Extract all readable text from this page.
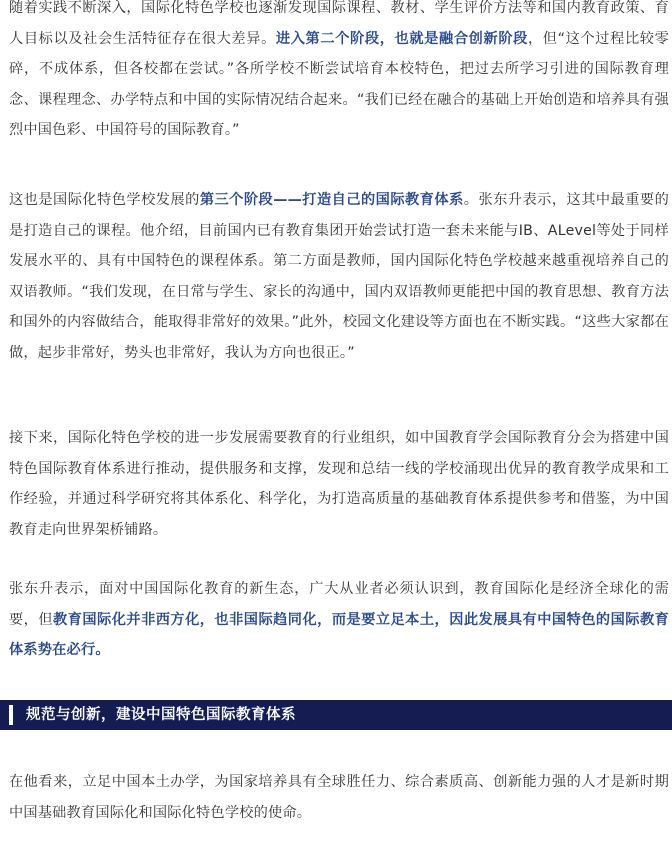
随着实践不断深入，国际化特色学校也逐渐发现国际课程、教材、学生评价方法等和国内教育政策、育人目标以及社会生活特征存在很大差异。进入第二个阶段，也就是融合创新阶段，但“这个过程比较零碎，不成体系，但各校都在尝试。”各所学校不断尝试培育本校特色，把过去所学习引进的国际教育理念、课程理念、办学特点和中国的实际情况结合起来。“我们已经在融合的基础上开始创造和培养具有强烈中国色彩、中国符号的国际教育。”

这也是国际化特色学校发展的第三个阶段——打造自己的国际教育体系。张东升表示，这其中最重要的是打造自己的课程。他介绍，目前国内已有教育集团开始尝试打造一套未来能与IB、ALevel等处于同样发展水平的、具有中国特色的课程体系。第二方面是教师，国内国际化特色学校越来越重视培养自己的双语教师。“我们发现，在日常与学生、家长的沟通中，国内双语教师更能把中国的教育思想、教育方法和国外的内容做结合，能取得非常好的效果。”此外，校园文化建设等方面也在不断实践。“这些大家都在做，起步非常好，势头也非常好，我认为方向也很正。”

接下来，国际化特色学校的进一步发展需要教育的行业组织，如中国教育学会国际教育分会为搭建中国特色国际教育体系进行推动，提供服务和支撑，发现和总结一线的学校涌现出优异的教育教学成果和工作经验，并通过科学研究将其体系化、科学化，为打造高质量的基础教育体系提供参考和借鉴，为中国教育走向世界架桥铺路。

张东升表示，面对中国国际化教育的新生态，广大从业者必须认识到，教育国际化是经济全球化的需要，但教育国际化并非西方化，也非国际趋同化，而是要立足本土，因此发展具有中国特色的国际教育体系势在必行。

规范与创新，建设中国特色国际教育体系

在他看来，立足中国本土办学，为国家培养具有全球胜任力、综合素质高、创新能力强的人才是新时期中国基础教育国际化和国际化特色学校的使命。
